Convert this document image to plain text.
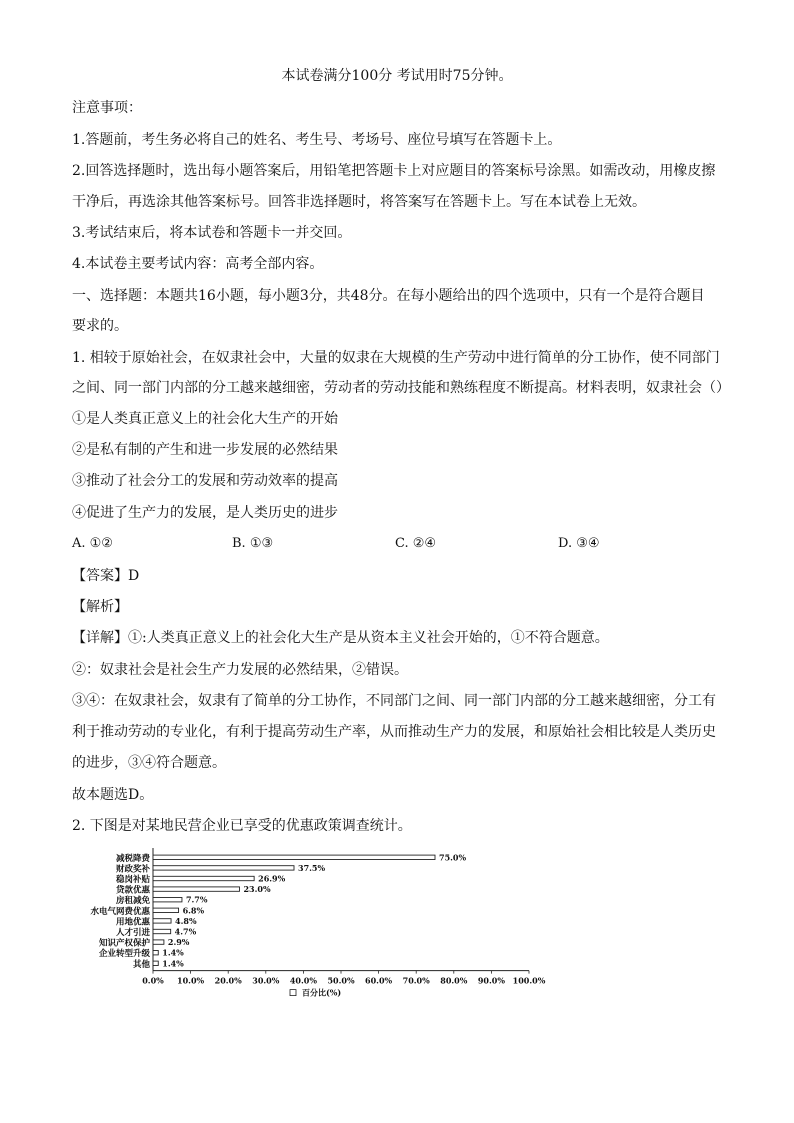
本试卷满分100分 考试用时75分钟。
注意事项：
1.答题前，考生务必将自己的姓名、考生号、考场号、座位号填写在答题卡上。
2.回答选择题时，选出每小题答案后，用铅笔把答题卡上对应题目的答案标号涂黑。如需改动，用橡皮擦
干净后，再选涂其他答案标号。回答非选择题时，将答案写在答题卡上。写在本试卷上无效。
3.考试结束后，将本试卷和答题卡一并交回。
4.本试卷主要考试内容：高考全部内容。
一、选择题：本题共16小题，每小题3分，共48分。在每小题给出的四个选项中，只有一个是符合题目
要求的。
1. 相较于原始社会，在奴隶社会中，大量的奴隶在大规模的生产劳动中进行简单的分工协作，使不同部门
之间、同一部门内部的分工越来越细密，劳动者的劳动技能和熟练程度不断提高。材料表明，奴隶社会（）
①是人类真正意义上的社会化大生产的开始
②是私有制的产生和进一步发展的必然结果
③推动了社会分工的发展和劳动效率的提高
④促进了生产力的发展，是人类历史的进步
A. ①②	B. ①③	C. ②④	D. ③④
【答案】D
【解析】
【详解】①:人类真正意义上的社会化大生产是从资本主义社会开始的，①不符合题意。
②：奴隶社会是社会生产力发展的必然结果，②错误。
③④：在奴隶社会，奴隶有了简单的分工协作，不同部门之间、同一部门内部的分工越来越细密，分工有
利于推动劳动的专业化，有利于提高劳动生产率，从而推动生产力的发展，和原始社会相比较是人类历史
的进步，③④符合题意。
故本题选D。
2. 下图是对某地民营企业已享受的优惠政策调查统计。
减税降费	75.0%
财政奖补	37.5%
稳岗补贴	26.9%
贷款优惠	23.0%
房租减免	7.7%
水电气网费优惠	6.8%
用地优惠	4.8%
人才引进	4.7%
知识产权保护 2.9%
企业转型升级 1.4%
其他 1.4%
0.0% 10.0% 20.0% 30.0% 40.0% 50.0% 60.0% 70.0% 80.0% 90.0% 100.0%
百分比(%)
